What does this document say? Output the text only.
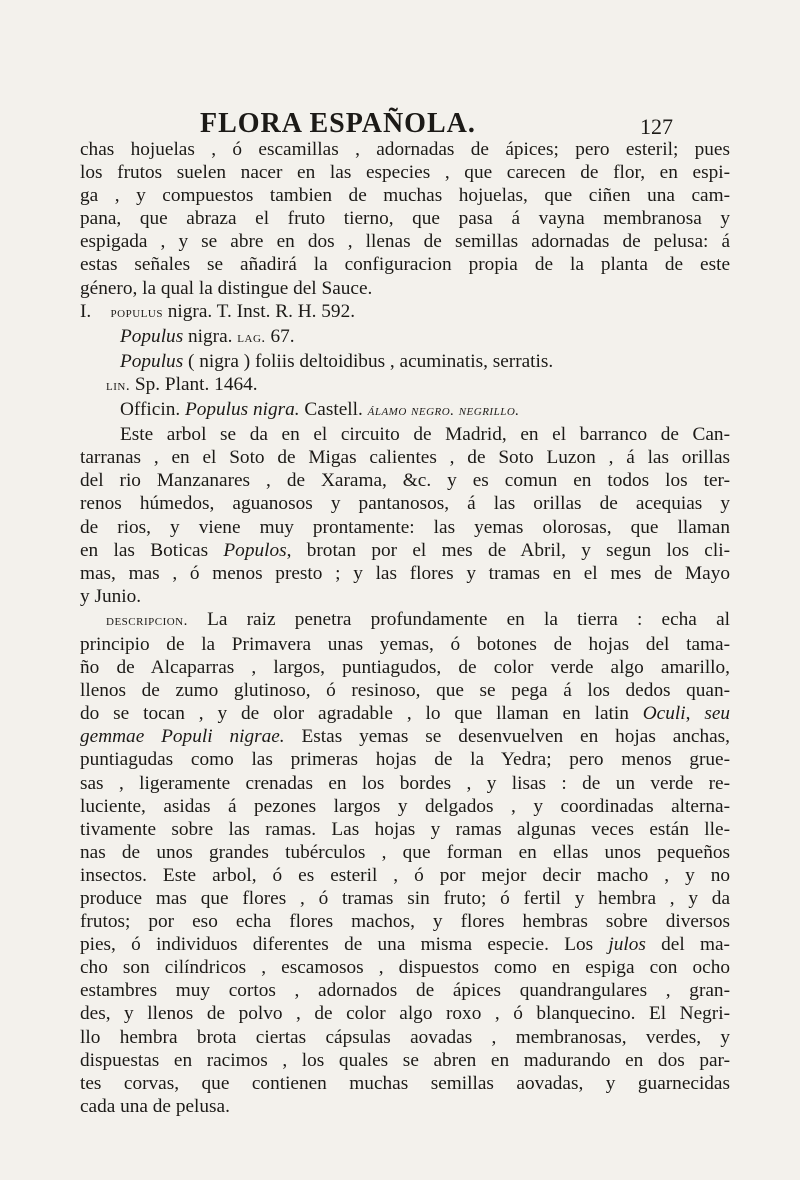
FLORA ESPAÑOLA.	127
chas hojuelas , ó escamillas , adornadas de ápices; pero esteril; pues
los frutos suelen nacer en las especies , que carecen de flor, en espi-
ga , y compuestos tambien de muchas hojuelas, que ciñen una cam-
pana, que abraza el fruto tierno, que pasa á vayna membranosa y
espigada , y se abre en dos , llenas de semillas adornadas de pelusa: á
estas señales se añadirá la configuracion propia de la planta de este
género, la qual la distingue del Sauce.
I. populus nigra. T. Inst. R. H. 592.
Populus nigra. lag. 67.
Populus ( nigra ) foliis deltoidibus , acuminatis, serratis.
lin. Sp. Plant. 1464.
Officin. Populus nigra. Castell. álamo negro. negrillo.
Este arbol se da en el circuito de Madrid, en el barranco de Can-
tarranas , en el Soto de Migas calientes , de Soto Luzon , á las orillas
del rio Manzanares , de Xarama, &c. y es comun en todos los ter-
renos húmedos, aguanosos y pantanosos, á las orillas de acequias y
de rios, y viene muy prontamente: las yemas olorosas, que llaman
en las Boticas Populos, brotan por el mes de Abril, y segun los cli-
mas, mas , ó menos presto ; y las flores y tramas en el mes de Mayo
y Junio.
descripcion. La raiz penetra profundamente en la tierra : echa al
principio de la Primavera unas yemas, ó botones de hojas del tama-
ño de Alcaparras , largos, puntiagudos, de color verde algo amarillo,
llenos de zumo glutinoso, ó resinoso, que se pega á los dedos quan-
do se tocan , y de olor agradable , lo que llaman en latin Oculi, seu
gemmae Populi nigrae. Estas yemas se desenvuelven en hojas anchas,
puntiagudas como las primeras hojas de la Yedra; pero menos grue-
sas , ligeramente crenadas en los bordes , y lisas : de un verde re-
luciente, asidas á pezones largos y delgados , y coordinadas alterna-
tivamente sobre las ramas. Las hojas y ramas algunas veces están lle-
nas de unos grandes tubérculos , que forman en ellas unos pequeños
insectos. Este arbol, ó es esteril , ó por mejor decir macho , y no
produce mas que flores , ó tramas sin fruto; ó fertil y hembra , y da
frutos; por eso echa flores machos, y flores hembras sobre diversos
pies, ó individuos diferentes de una misma especie. Los julos del ma-
cho son cilíndricos , escamosos , dispuestos como en espiga con ocho
estambres muy cortos , adornados de ápices quandrangulares , gran-
des, y llenos de polvo , de color algo roxo , ó blanquecino. El Negri-
llo hembra brota ciertas cápsulas aovadas , membranosas, verdes, y
dispuestas en racimos , los quales se abren en madurando en dos par-
tes corvas, que contienen muchas semillas aovadas, y guarnecidas
cada una de pelusa.
